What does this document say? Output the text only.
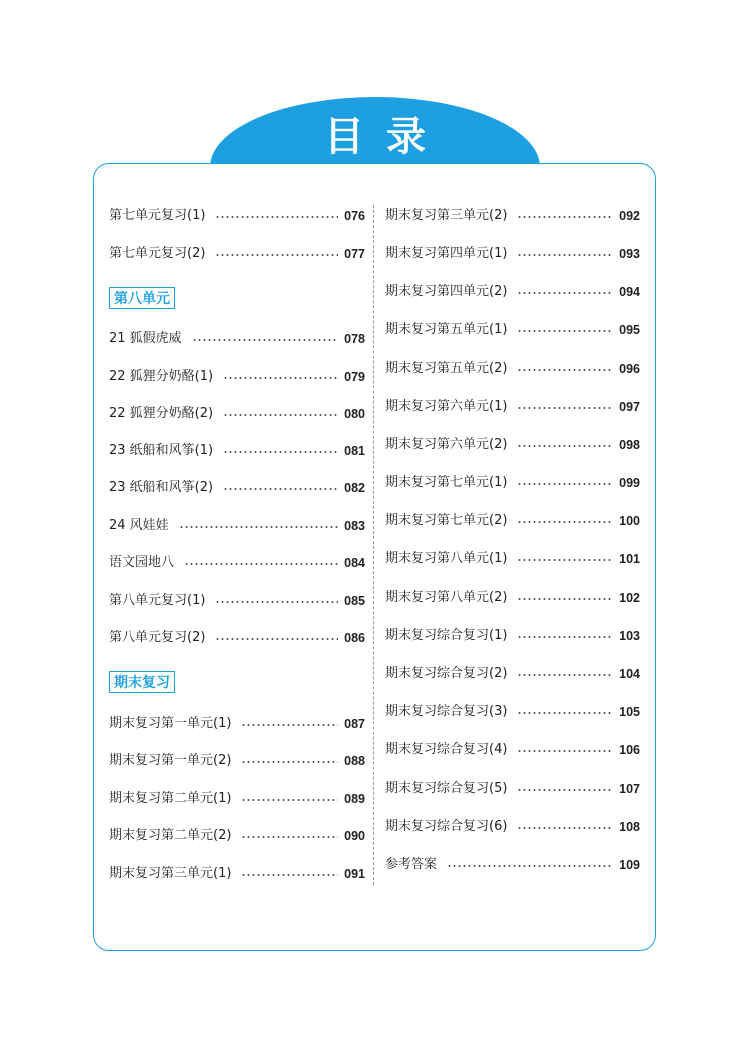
目录
第七单元复习(1)	076
第七单元复习(2)	077
第八单元
21 狐假虎威	078
22 狐狸分奶酪(1)	079
22 狐狸分奶酪(2)	080
23 纸船和风筝(1)	081
23 纸船和风筝(2)	082
24 风娃娃	083
语文园地八	084
第八单元复习(1)	085
第八单元复习(2)	086
期末复习
期末复习第一单元(1)	087
期末复习第一单元(2)	088
期末复习第二单元(1)	089
期末复习第二单元(2)	090
期末复习第三单元(1)	091
期末复习第三单元(2)	092
期末复习第四单元(1)	093
期末复习第四单元(2)	094
期末复习第五单元(1)	095
期末复习第五单元(2)	096
期末复习第六单元(1)	097
期末复习第六单元(2)	098
期末复习第七单元(1)	099
期末复习第七单元(2)	100
期末复习第八单元(1)	101
期末复习第八单元(2)	102
期末复习综合复习(1)	103
期末复习综合复习(2)	104
期末复习综合复习(3)	105
期末复习综合复习(4)	106
期末复习综合复习(5)	107
期末复习综合复习(6)	108
参考答案	109
